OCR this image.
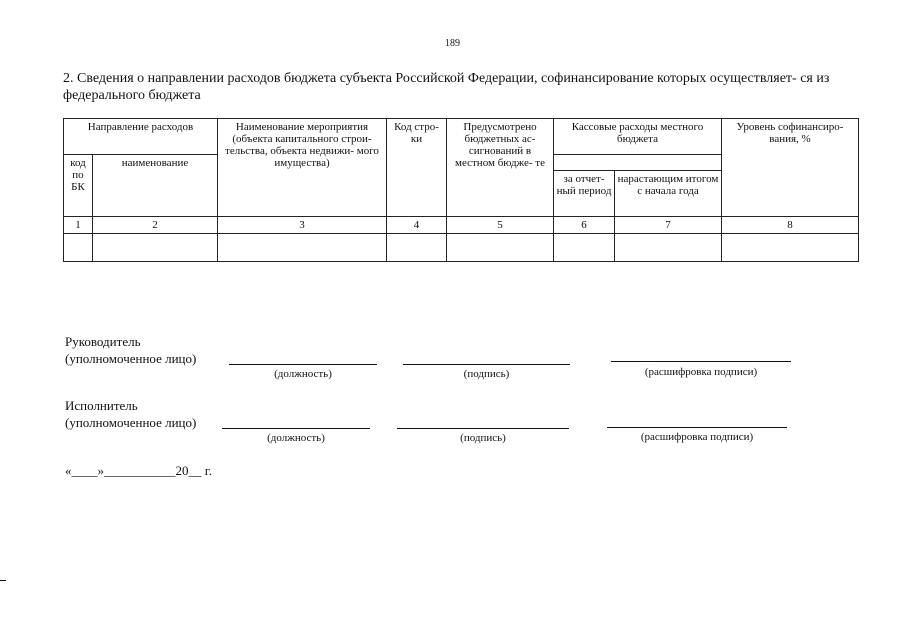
189
2. Сведения о направлении расходов бюджета субъекта Российской Федерации, софинансирование которых осуществляет- ся из федерального бюджета
Направление расходов		Наименование мероприятия (объекта капитального строи- тельства, объекта недвижи- мого имущества)	Код стро- ки	Предусмотрено бюджетных ас- сигнований в местном бюдже- те	Кассовые расходы местного бюджета		Уровень софинансиро- вания, %
код по БК	наименование						
					за отчет- ный период	нарастающим итогом с начала года	
1	2	3	4	5	6	7	8

Руководитель
(уполномоченное лицо)
(должность)	(подпись)	(расшифровка подписи)
Исполнитель
(уполномоченное лицо)
(должность)	(подпись)	(расшифровка подписи)
«____»___________20__ г.
